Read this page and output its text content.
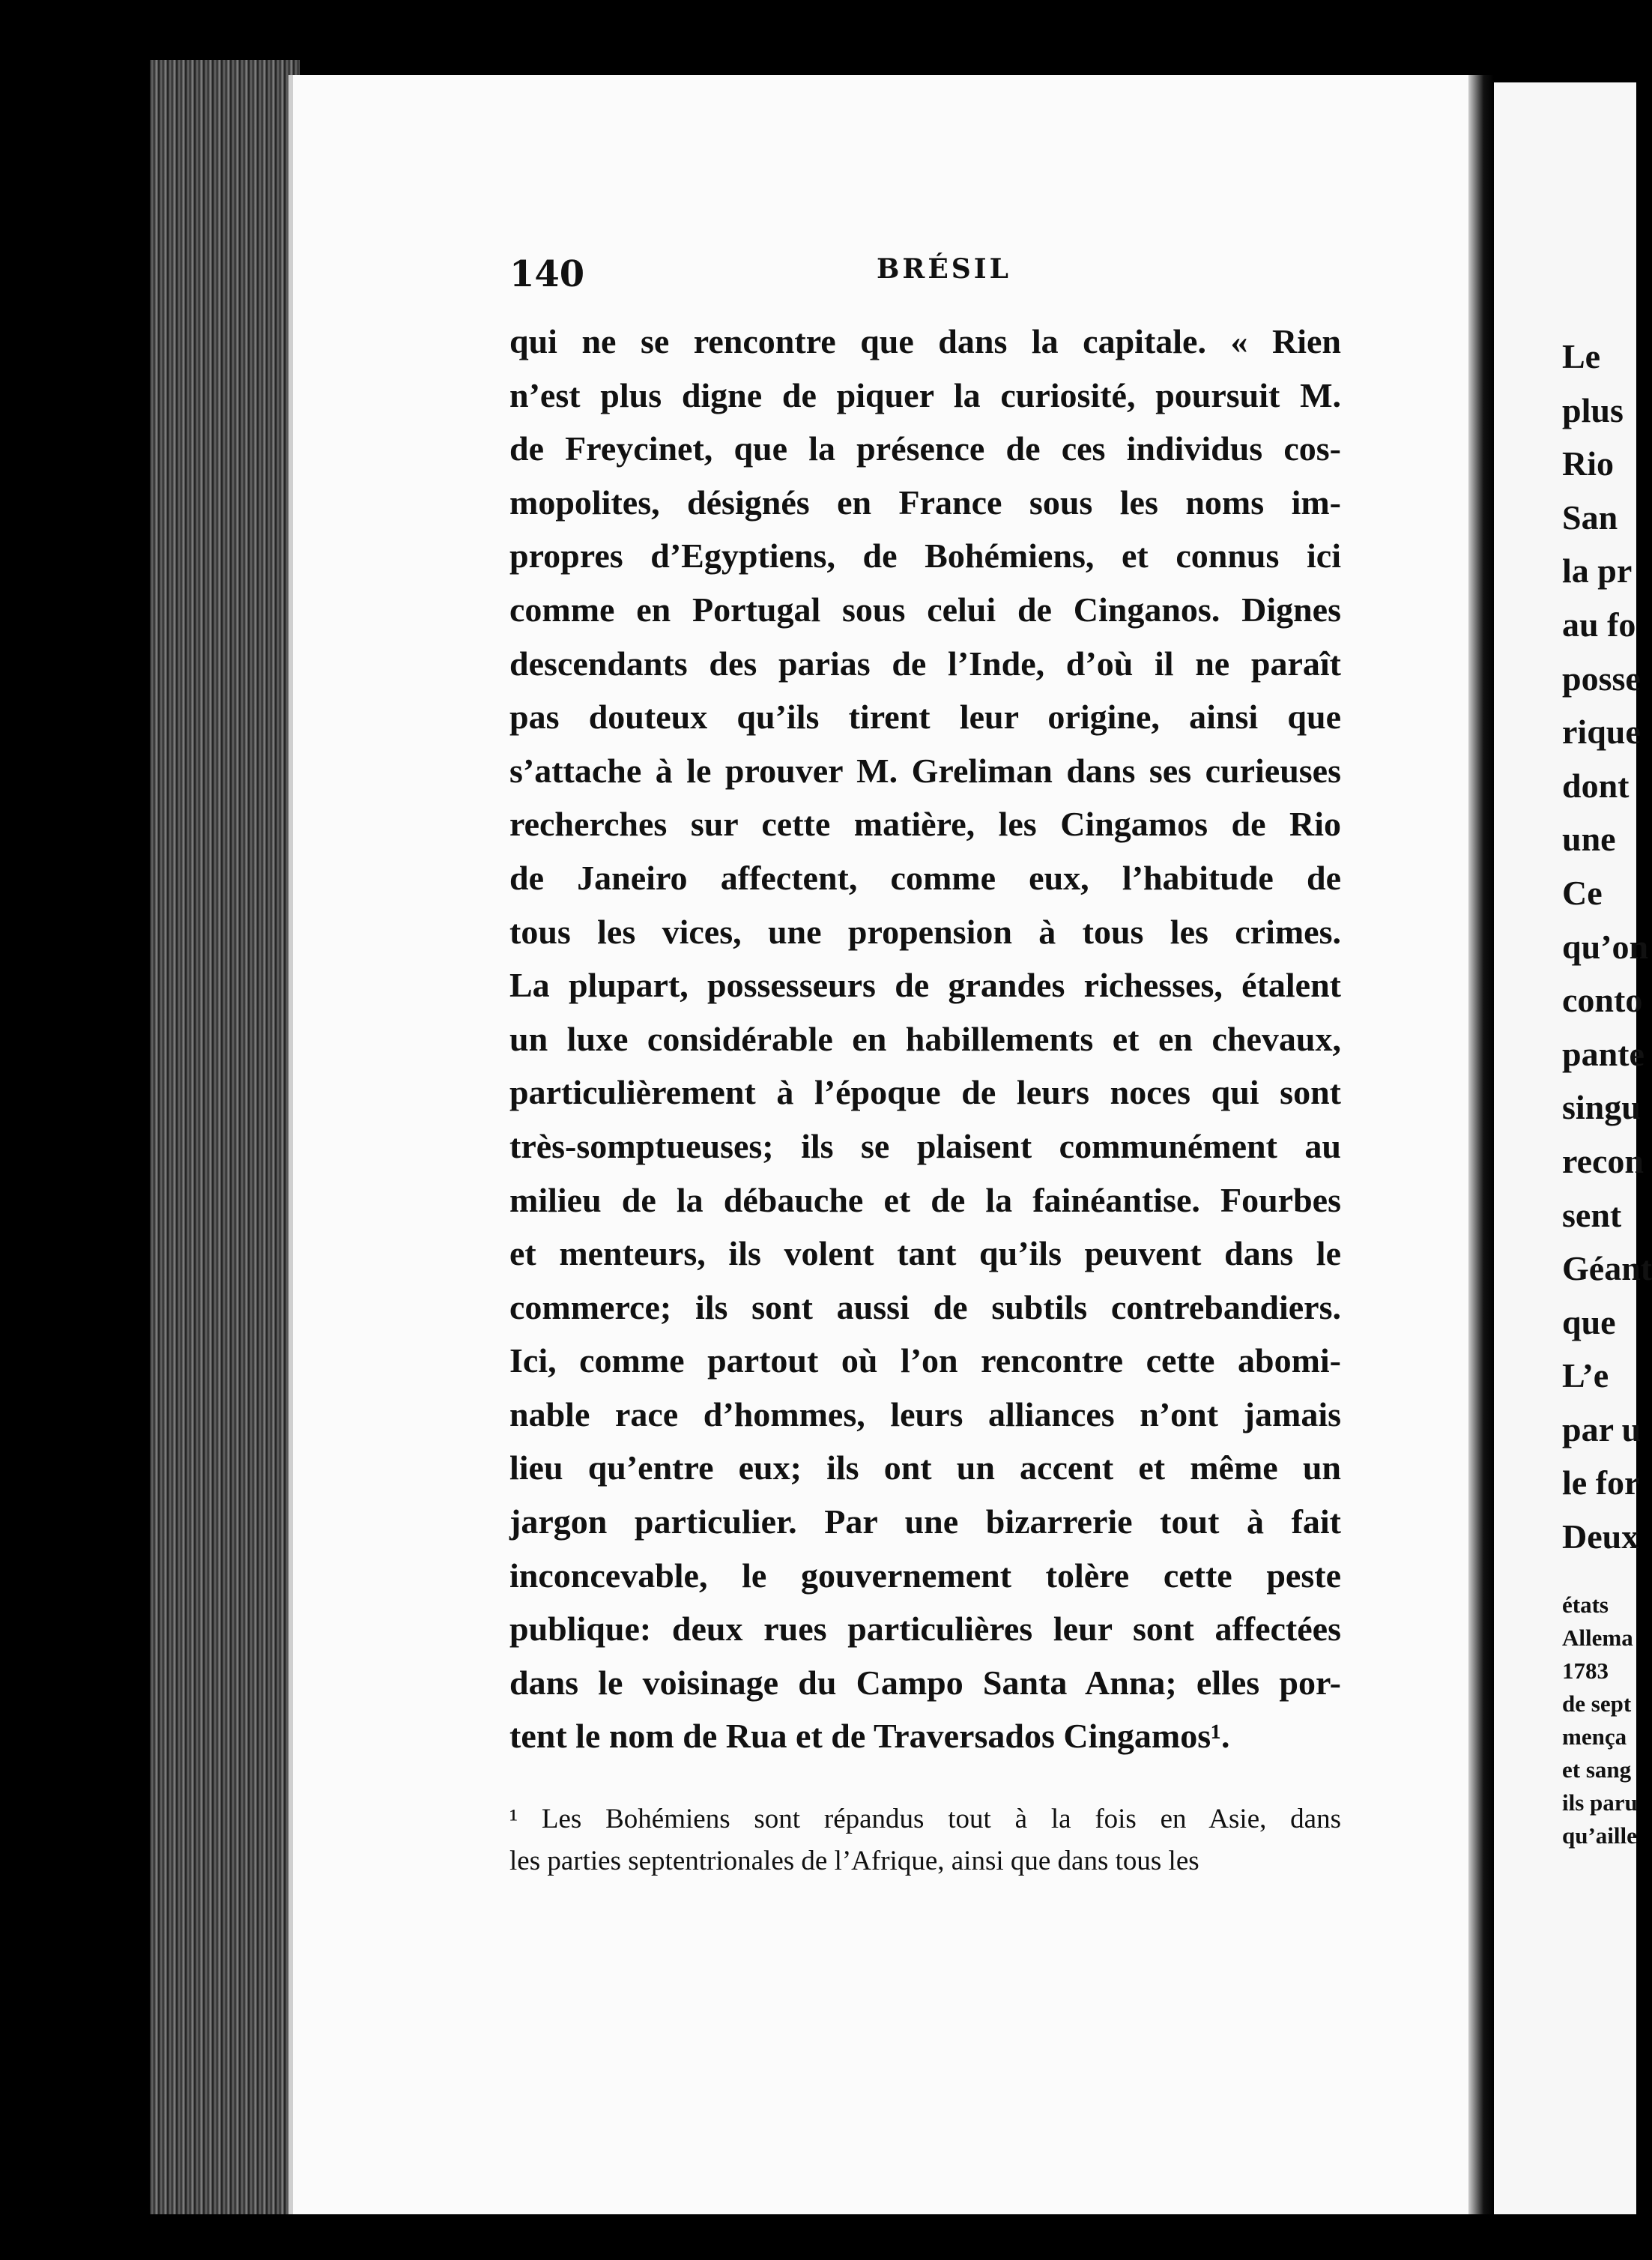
140	BRÉSIL
qui ne se rencontre que dans la capitale. « Rien
n’est plus digne de piquer la curiosité, poursuit M.
de Freycinet, que la présence de ces individus cos-
mopolites, désignés en France sous les noms im-
propres d’Egyptiens, de Bohémiens, et connus ici
comme en Portugal sous celui de Cinganos. Dignes
descendants des parias de l’Inde, d’où il ne paraît
pas douteux qu’ils tirent leur origine, ainsi que
s’attache à le prouver M. Greliman dans ses curieuses
recherches sur cette matière, les Cingamos de Rio
de Janeiro affectent, comme eux, l’habitude de
tous les vices, une propension à tous les crimes.
La plupart, possesseurs de grandes richesses, étalent
un luxe considérable en habillements et en chevaux,
particulièrement à l’époque de leurs noces qui sont
très-somptueuses; ils se plaisent communément au
milieu de la débauche et de la fainéantise. Fourbes
et menteurs, ils volent tant qu’ils peuvent dans le
commerce; ils sont aussi de subtils contrebandiers.
Ici, comme partout où l’on rencontre cette abomi-
nable race d’hommes, leurs alliances n’ont jamais
lieu qu’entre eux; ils ont un accent et même un
jargon particulier. Par une bizarrerie tout à fait
inconcevable, le gouvernement tolère cette peste
publique: deux rues particulières leur sont affectées
dans le voisinage du Campo Santa Anna; elles por-
tent le nom de Rua et de Traversados Cingamos¹.
¹ Les Bohémiens sont répandus tout à la fois en Asie, dans
les parties septentrionales de l’Afrique, ainsi que dans tous les
Le
plus
Rio
San
la pr
au fo
posse
rique
dont
une
Ce
qu’on
conto
pante
singu
recon
sent
Géant
que
L’e
par u
le for
Deux
états
Allema
1783
de sept
mença
et sang
ils paru
qu’aille
